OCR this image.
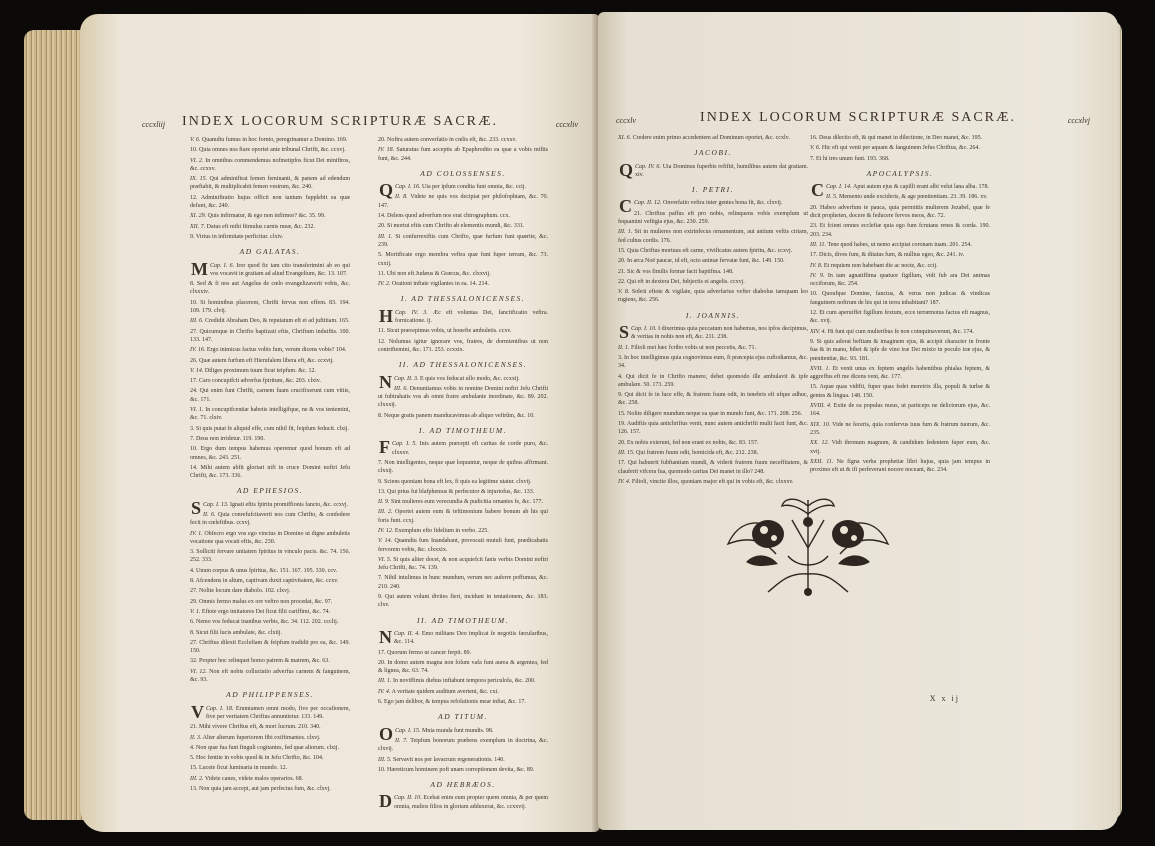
cccxliij	INDEX LOCORUM SCRIPTURÆ SACRÆ.	cccxliv
V. 6. Quamdiu fumus in hoc fornio, peregrinamur a Domino. 169.
10. Quia omnes nos ftare oportet ante tribunal Chrifti, &c. ccxvj.
VI. 2. In omnibus commendemus nofmetipfos ficut Dei miniftros, &c. ccxxv.
IX. 15. Qui adminiftrat femen feminanti, & panem ad edendum præftabit, & multiplicabit femen vestrum, &c. 240.
12. Adminiftratio hujus officii non tantum fupplebit ea quæ defunt, &c. 240.
XI. 29. Quis infirmatur, & ego non infirmor? &c. 35. 99.
XII. 7. Datus eft mihi ftimulus carnis meæ, &c. 232.
9. Virtus in infirmitate perficitur. clxiv.
AD GALATAS.
Cap. I. 6.
M	Iror quod fic tam cito transferimini ab eo qui vos vocavit in gratiam ad aliud Evangelium, &c. 13. 107.
8. Sed & fi nos aut Angelus de cœlo evangelizaverit vobis, &c. clxxxiv.
10. Si hominibus placerem, Chrifti fervus non effem. 83. 194. 109. 179. clvij.
III. 6. Credidit Abraham Deo, & reputatum eft ei ad juftitiam. 165.
27. Quicumque in Chrifto baptizati eftis, Chriftum induiftis. 100. 133. 147.
IV. 16. Ergo inimicus factus vobis fum, verum dicens vobis? 104.
26. Quæ autem furfum eft Hierufalem libera eft, &c. ccxvij.
V. 14. Diliges proximum tuum ficut teipfum. &c. 12.
17. Caro concupifcit adverfus fpiritum, &c. 203. clxiv.
24. Qui enim funt Chrifti, carnem fuam crucifixerunt cum vitiis, &c. 171.
VI. 1. In concupifcentiæ habetis intelligifque, ne & vos tentemini, &c. 71. clxiv.
3. Si quis putat fe aliquid effe, cum nihil fit, feipfum feducit. clxij.
7. Deus non irridetur. 119. 190.
10. Ergo dum tempus habemus operemur quod bonum eft ad omnes, &c. 243. 251.
14. Mihi autem abfit gloriari nifi in cruce Domini noftri Jefu Chrifti, &c. 173. 336.
AD EPHESIOS.
Cap. I. 13.
S	Ignati eftis fpiritu promiffionis fancto, &c. ccxvj.
II. 6. Quia conrefufcitaverit nos cum Chrifto, & confedere fecit in cœleftibus. ccxvj.
IV. 1. Obfecro ergo vos ego vinctus in Domino ut digne ambuletis vocatione qua vocati eftis, &c. 230.
3. Solliciti fervare unitatem fpiritus in vinculo pacis. &c. 74. 156. 252. 333.
4. Unum corpus & unus fpiritus, &c. 151. 167. 195. 330. ccv.
8. Afcendens in altum, captivam duxit captivitatem, &c. ccxv.
27. Nolite locum dare diabolo. 102. clxvj.
29. Omnis fermo malus ex ore veftro non procedat, &c. 97.
V. 1. Eftote ergo imitatores Dei ficut filii cariffimi, &c. 74.
6. Nemo vos feducat inanibus verbis, &c. 34. 112. 202. ccclij.
8. Sicut filii lucis ambulate, &c. clxiij.
27. Chriftus dilexit Ecclefiam & feipfum tradidit pro ea, &c. 149. 150.
32. Propter hoc relinquet homo patrem & matrem, &c. 63.
VI. 12. Non eft nobis colluctatio adverfus carnem & fanguinem, &c. 93.
AD PHILIPPENSES.
Cap. I. 18.
V	Erumtamen omni modo, five per occafionem, five per veritatem Chriftus annuntietur. 133. 149.
21. Mihi vivere Chriftus eft, & mori lucrum. 210. 340.
II. 3. Alter alterum fuperiorem fibi exiftimantes. clxvj.
4. Non quæ fua funt finguli cogitantes, fed quæ aliorum. clxij.
5. Hoc fentite in vobis quod & in Jefu Chrifto, &c. 104.
15. Lucete ficut luminaria in mundo. 12.
III. 2. Videte canes, videte malos operarios. 68.
13. Non quia jam accepi, aut jam perfectus fum, &c. clxvj.
20. Noftra autem converfatio in cœlis eft, &c. 233. ccxxv.
IV. 18. Saturatus fum acceptis ab Epaphrodito ea quæ a vobis miftis funt, &c. 244.
AD COLOSSENSES.
Cap. I. 16.
Q	Uia per ipfum condita funt omnia, &c. ccij.
II. 8. Videte ne quis vos decipiat per philofophiam, &c. 70. 147.
14. Delens quod adverfum nos erat chirographum. ccx.
20. Si mortui eftis cum Chrifto ab elementis mundi, &c. 331.
III. 1. Si confurrexiftis cum Chrifto, quæ furfum funt quærite, &c. 239.
5. Mortificate ergo membra veftra quæ funt fuper terram, &c. 73. cxxij.
11. Ubi non eft Judæus & Græcus, &c. clxxvij.
IV. 2. Orationi inftate vigilantes in ea. 14. 214.
I. AD THESSALONICENSES.
Cap. IV. 3.
H	Æc eft voluntas Dei, fanctificatio veftra. fornicatione. ij.
11. Sicut præcepimus vobis, ut honefte ambuletis. ccxv.
12. Nolumus igitur ignorare vos, fratres, de dormientibus ut non contriftemini, &c. 171. 253. ccxxix.
II. AD THESSALONICENSES.
Cap. II. 3.
N	E quis vos feducat ullo modo, &c. ccxxij.
III. 6. Denuntiamus vobis in nomine Domini noftri Jefu Chrifti ut fubtrahatis vos ab omni fratre ambulante inordinate, &c. 89. 202. clxxxij.
8. Neque gratis panem manducavimus ab aliquo veftrûm, &c. 10.
I. AD TIMOTHEUM.
Cap. I. 5.
F	Inis autem præcepti eft caritas de corde puro, &c. clxxxv.
7. Non intelligentes, neque quæ loquuntur, neque de quibus affirmant. clxxij.
9. Sciens quoniam bona eft lex, fi quis ea legitime utatur. clxvij.
13. Qui prius fui blafphemus & perfecutor & injuriofus, &c. 133.
II. 9. Sint mulieres eum verecundia & pudicitia ornantes fe, &c. 177.
III. 2. Oportet autem eum & teftimonium habere bonum ab his qui foris funt. ccxj.
IV. 12. Exemplum efto fidelium in verbo. 225.
V. 14. Quamdiu fum Inandabant, provocati mutuli funt, prædicabatis fervorem vobis, &c. clxxxix.
VI. 5. Si quis aliter docet, & non acquiefcit fanis verbis Domini noftri Jefu Chrifti, &c. 74. 139.
7. Nihil intulimus in hunc mundum, verum nec auferre poffumus, &c. 210. 240.
9. Qui autem volunt divites fieri, incidunt in tentationem, &c. 183. clxv.
II. AD TIMOTHEUM.
Cap. II. 4.
N	Emo militans Deo implicat fe negotiis fæcularibus, &c. 114.
17. Quorum fermo ut cancer ferpit. 89.
20. In domo autem magna non folum vafa funt aurea & argentea, fed & lignea, &c. 63. 74.
III. 1. In noviffimis diebus inftabunt tempora periculofa, &c. 200.
IV. 4. A veritate quidem auditum avertent, &c. cxi.
6. Ego jam delibor, & tempus refolutionis meæ inftat, &c. 17.
AD TITUM.
Cap. I. 15.
O	Mnia munda funt mundis. 98.
II. 7. Teipfum bonorum præbens exemplum in doctrina, &c. clxvij.
III. 5. Servavit nos per lavacrum regenerationis. 140.
10. Hæreticum hominem poft unam correptionem devita, &c. 89.
AD HEBRÆOS.
Cap. II. 10.
D	Ecebat enim eum propter quem omnia, & per quem omnia, multos filios in gloriam adduxerat, &c. ccxxvij.
cccxlv	INDEX LOCORUM SCRIPTURÆ SACRÆ.	cccxlvj
XI. 6. Credere enim primo accedentem ad Dominum oportet, &c. ccxlv.
JACOBI.
Cap. IV. 6.
Q	Uia Dominus fuperbis refiftit, humilibus autem dat gratiam. xiv.
I. PETRI.
Cap. II. 12.
C	Onverfatio veftra inter gentes bona fit, &c. clxvij.
21. Chriftus paffus eft pro nobis, relinquens vobis exemplum ut fequamini veftigia ejus, &c. 230. 259.
III. 1. Sit in mulieres non extrinfecus ornamentum, aut antium veftis ciriam, fed cultus cordis. 176.
15. Quia Chriftus mortuus eft carne, vivificatus autem fpiritu, &c. ccxvj.
20. In arca Noë paucæ, id eft, octo animæ fervatæ funt, &c. 149. 150.
21. Sic & vos fimilis formæ facit baptifma. 148.
22. Qui eft in dextera Dei, fubjectis ei angelis. ccxvj.
V. 8. Sobrii eftote & vigilate, quia adverfarius vefter diabolus tamquam leo rugiens, &c. 256.
I. JOANNIS.
Cap. I. 10.
S	I dixerimus quia peccatum non habemus, nos ipfos decipimus, & veritas in nobis non eft, &c. 211. 238.
II. 1. Filioli mei hæc fcribo vobis ut non peccetis, &c. 71.
3. In hoc intelligimus quia cognovimus eum, fi præcepta ejus cuftodiamus, &c. 34.
4. Qui dicit fe in Chrifto manere, debet quomodo ille ambulavit & ipfe ambulare. 50. 173. 259.
9. Qui dicit fe in luce effe, & fratrem fuum odit, in tenebris eft ufque adhuc, &c. 258.
15. Nolite diligere mundum neque ea quæ in mundo funt, &c. 171. 208. 256.
19. Audiftis quia antichriftus venit, nunc autem antichrifti multi facti funt, &c. 126. 157.
20. Ex nobis exierunt, fed non erant ex nobis, &c. 83. 157.
III. 15. Qui fratrem fuum odit, homicida eft, &c. 212. 238.
17. Qui habuerit fubftantiam mundi, & viderit fratrem fuum neceffitatem, & clauferit vifcera fua, quomodo caritas Dei manet in illo? 248.
IV. 4. Filioli, vincite illos, quoniam major eft qui in vobis eft, &c. clxxxv.
16. Deus dilectio eft, & qui manet in dilectione, in Deo manet, &c. 195.
V. 6. Hic eft qui venit per aquam & fanguinem Jefus Chriftus, &c. 264.
7. Et hi tres unum funt. 193. 368.
APOCALYPSIS.
Cap. I. 14.
C	Aput autem ejus & capilli erant albi velut lana alba. 178.
II. 5. Memento unde excideris, & age pœnitentiam. 23. 39. 186. xv.
20. Habeo adverfum te pauca, quia permittis mulierem Jezabel, quæ fe dicit propheten, docere & feducere fervos meos, &c. 72.
23. Et fcient omnes ecclefiæ quia ego fum fcrutans renes & corda. 190. 203. 234.
III. 11. Tene quod habes, ut nemo accipiat coronam tuam. 201. 254.
17. Dicis, dives fum, & ditatus fum, & nullius egeo, &c. 241. iv.
IV. 8. Et requiem non habebant die ac nocte, &c. ccij.
IV. 9. In tam agnatiffima quatuor figillum, vidi fub ara Dei animas occiforum, &c. 254.
10. Quoufque Domine, fanctus, & verus non judicas & vindicas fanguinem noftrum de his qui in terra inhabitant? 187.
12. Et cum aperuiffet figillum fextum, ecce terræmotus factus eft magnus, &c. xvij.
XIV. 4. Hi funt qui cum mulieribus fe non coinquinaverunt, &c. 174.
9. Si quis adorat beftiam & imaginem ejus, & accipit character in fronte fua & in manu, bibet & ipfe de vino iræ Dei mixto in poculo iræ ejus, & pœnitentiæ, &c. 93. 181.
XVII. 1. Et venit unus ex feptem angelis habentibus phialas feptem, & aggreffus eft me dicens veni, &c. 177.
15. Aquæ quas vidifti, fuper quas fedet meretrix illa, populi & turbæ & gentes & lingua. 148. 150.
XVIII. 4. Exite de ea populus meus, ut particeps ne delictorum ejus, &c. 164.
XIX. 10. Vide ne feceris, quia confervus tuus fum & fratrum tuorum, &c. 235.
XX. 12. Vidi thronum magnum, & candidum fedentem fuper eum, &c. xvij.
XXII. 11. Ne figna verba prophetiæ libri hujus, quia jam tempus in proximo eft ut & ifi perfeverant nocere noceant, &c. 234.
X x ij
